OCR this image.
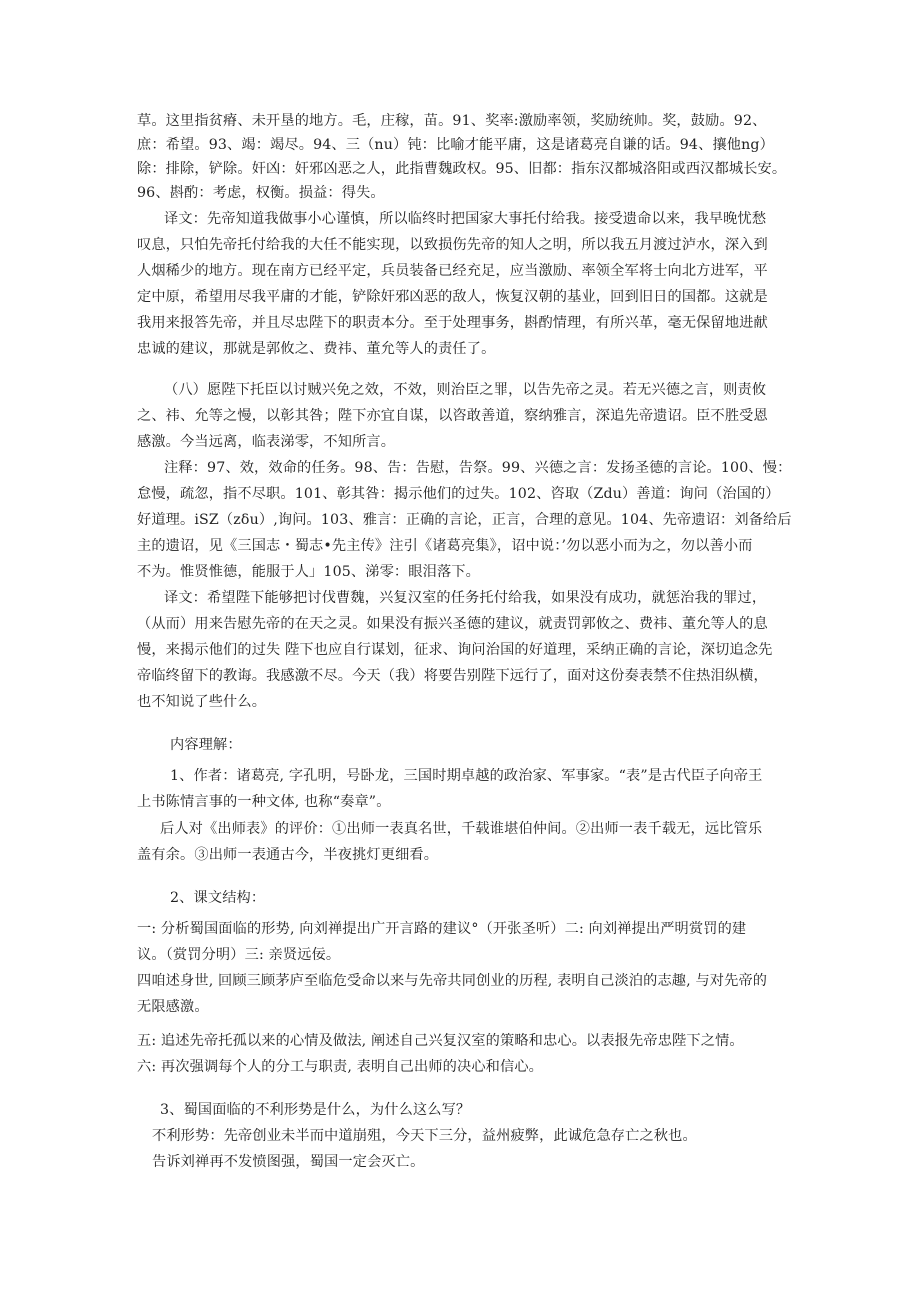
草。这里指贫瘠、未开垦的地方。毛，庄稼，苗。91、奖率:激励率领，奖励统帅。奖，鼓励。92、
庶：希望。93、竭：竭尽。94、三（nu）钝：比喻才能平庸，这是诸葛亮自谦的话。94、攘他ng）
除：排除，铲除。奸凶：奸邪凶恶之人，此指曹魏政权。95、旧都：指东汉都城洛阳或西汉都城长安。
96、斟酌：考虑，权衡。损益：得失。
译文：先帝知道我做事小心谨慎，所以临终时把国家大事托付给我。接受遗命以来，我早晚忧愁
叹息，只怕先帝托付给我的大任不能实现，以致损伤先帝的知人之明，所以我五月渡过泸水，深入到
人烟稀少的地方。现在南方已经平定，兵员装备已经充足，应当激励、率领全军将士向北方进军，平
定中原，希望用尽我平庸的才能，铲除奸邪凶恶的敌人，恢复汉朝的基业，回到旧日的国都。这就是
我用来报答先帝，并且尽忠陛下的职责本分。至于处理事务，斟酌情理，有所兴革，毫无保留地进献
忠诚的建议，那就是郭攸之、费祎、董允等人的责任了。
（八）愿陛下托臣以讨贼兴免之效，不效，则治臣之罪，以告先帝之灵。若无兴德之言，则责攸
之、祎、允等之慢，以彰其咎；陛下亦宜自谋，以咨敢善道，察纳雅言，深追先帝遗诏。臣不胜受恩
感激。今当远离，临表涕零，不知所言。
注释：97、效，效命的任务。98、告：告慰，告祭。99、兴德之言：发扬圣德的言论。100、慢：
怠慢，疏忽，指不尽职。101、彰其咎：揭示他们的过失。102、咨取（Zdu）善道：询问（治国的）
好道理。iSZ（zδu）,询问。103、雅言：正确的言论，正言，合理的意见。104、先帝遗诏：刘备给后
主的遗诏，见《三国志・蜀志•先主传》注引《诸葛亮集》，诏中说：’勿以恶小而为之，勿以善小而
不为。惟贤惟德，能服于人」105、涕零：眼泪落下。
译文：希望陛下能够把讨伐曹魏，兴复汉室的任务托付给我，如果没有成功，就惩治我的罪过，
（从而）用来告慰先帝的在天之灵。如果没有振兴圣德的建议，就责罚郭攸之、费祎、董允等人的息
慢，来揭示他们的过失 陛下也应自行谋划，征求、询问治国的好道理，采纳正确的言论，深切追念先
帝临终留下的教诲。我感激不尽。今天（我）将要告别陛下远行了，面对这份奏表禁不住热泪纵横，
也不知说了些什么。
内容理解：
1、作者：诸葛亮, 字孔明，号卧龙，三国时期卓越的政治家、军事家。“表”是古代臣子向帝王
上书陈情言事的一种文体, 也称“奏章”。
后人对《出师表》的评价：①出师一表真名世，千载谁堪伯仲间。②出师一表千载无，远比管乐
盖有余。③出师一表通古今，半夜挑灯更细看。
2、课文结构：
一: 分析蜀国面临的形势, 向刘禅提出广开言路的建议°（开张圣听）二: 向刘禅提出严明赏罚的建
议。（赏罚分明）三: 亲贤远佞。
四咱述身世, 回顾三顾茅庐至临危受命以来与先帝共同创业的历程, 表明自己淡泊的志趣, 与对先帝的
无限感激。
五: 追述先帝托孤以来的心情及做法, 阐述自己兴复汉室的策略和忠心。以表报先帝忠陛下之情。
六: 再次强调每个人的分工与职责, 表明自己出师的决心和信心。
3、蜀国面临的不利形势是什么，为什么这么写？
不利形势：先帝创业未半而中道崩殂，今天下三分，益州疲弊，此诚危急存亡之秋也。
告诉刘禅再不发愤图强，蜀国一定会灭亡。
